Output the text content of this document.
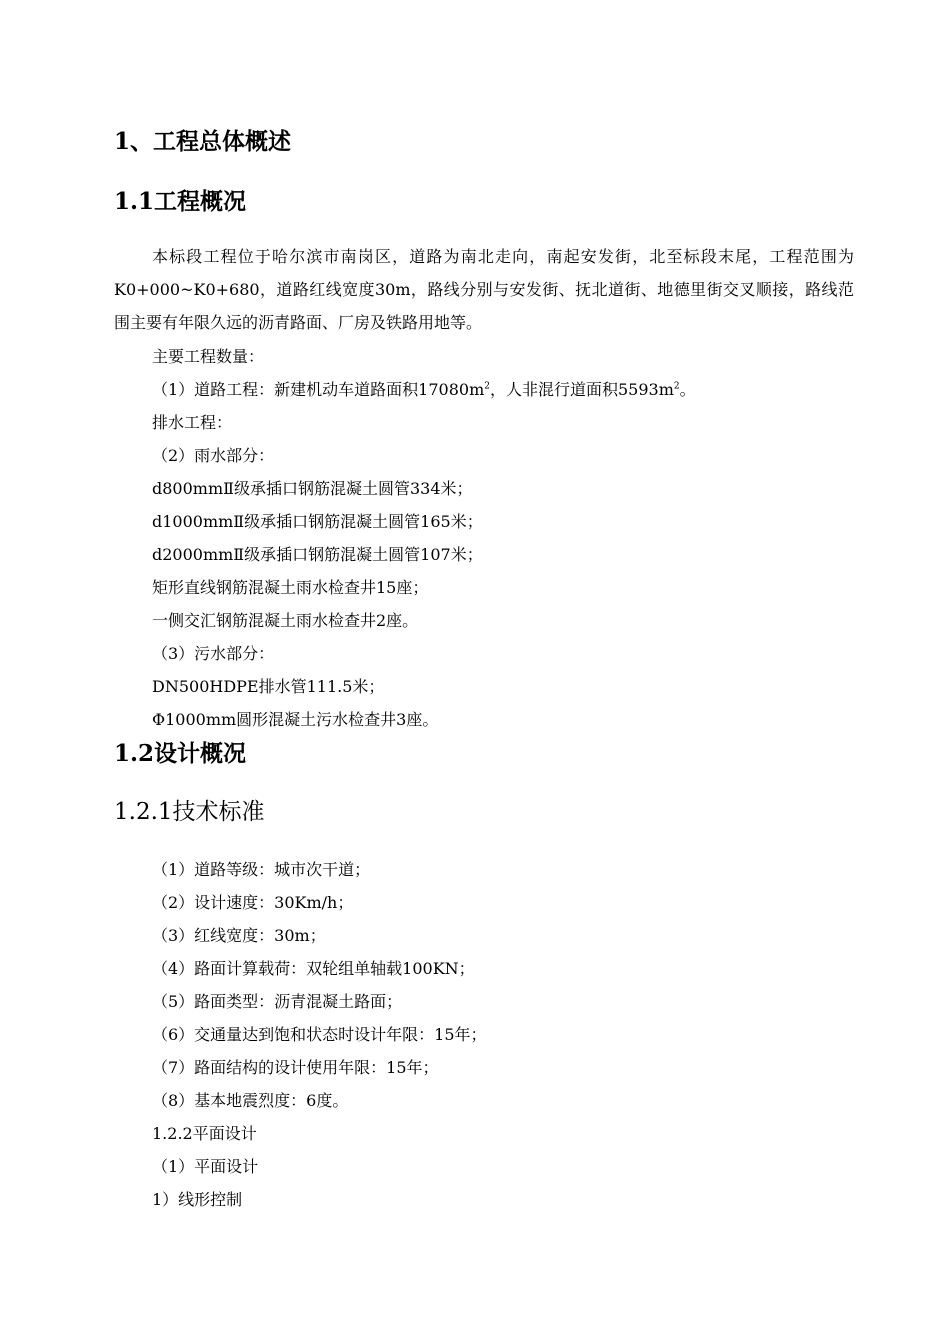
1、工程总体概述
1.1工程概况
本标段工程位于哈尔滨市南岗区，道路为南北走向，南起安发街，北至标段末尾，工程范围为K0+000~K0+680，道路红线宽度30m，路线分别与安发街、抚北道街、地德里街交叉顺接，路线范围主要有年限久远的沥青路面、厂房及铁路用地等。
主要工程数量：
（1）道路工程：新建机动车道路面积$17080m^2$，人非混行道面积$5593m^2$。
排水工程：
（2）雨水部分：
d800mmⅡ级承插口钢筋混凝土圆管334米；
d1000mmⅡ级承插口钢筋混凝土圆管165米；
d2000mmⅡ级承插口钢筋混凝土圆管107米；
矩形直线钢筋混凝土雨水检查井15座；
一侧交汇钢筋混凝土雨水检查井2座。
（3）污水部分：
DN500HDPE排水管111.5米；
Φ1000mm圆形混凝土污水检查井3座。
1.2设计概况
1.2.1技术标准
（1）道路等级：城市次干道；
（2）设计速度：30Km/h；
（3）红线宽度：30m；
（4）路面计算载荷：双轮组单轴载100KN；
（5）路面类型：沥青混凝土路面；
（6）交通量达到饱和状态时设计年限：15年；
（7）路面结构的设计使用年限：15年；
（8）基本地震烈度：6度。
1.2.2平面设计
（1）平面设计
1）线形控制
